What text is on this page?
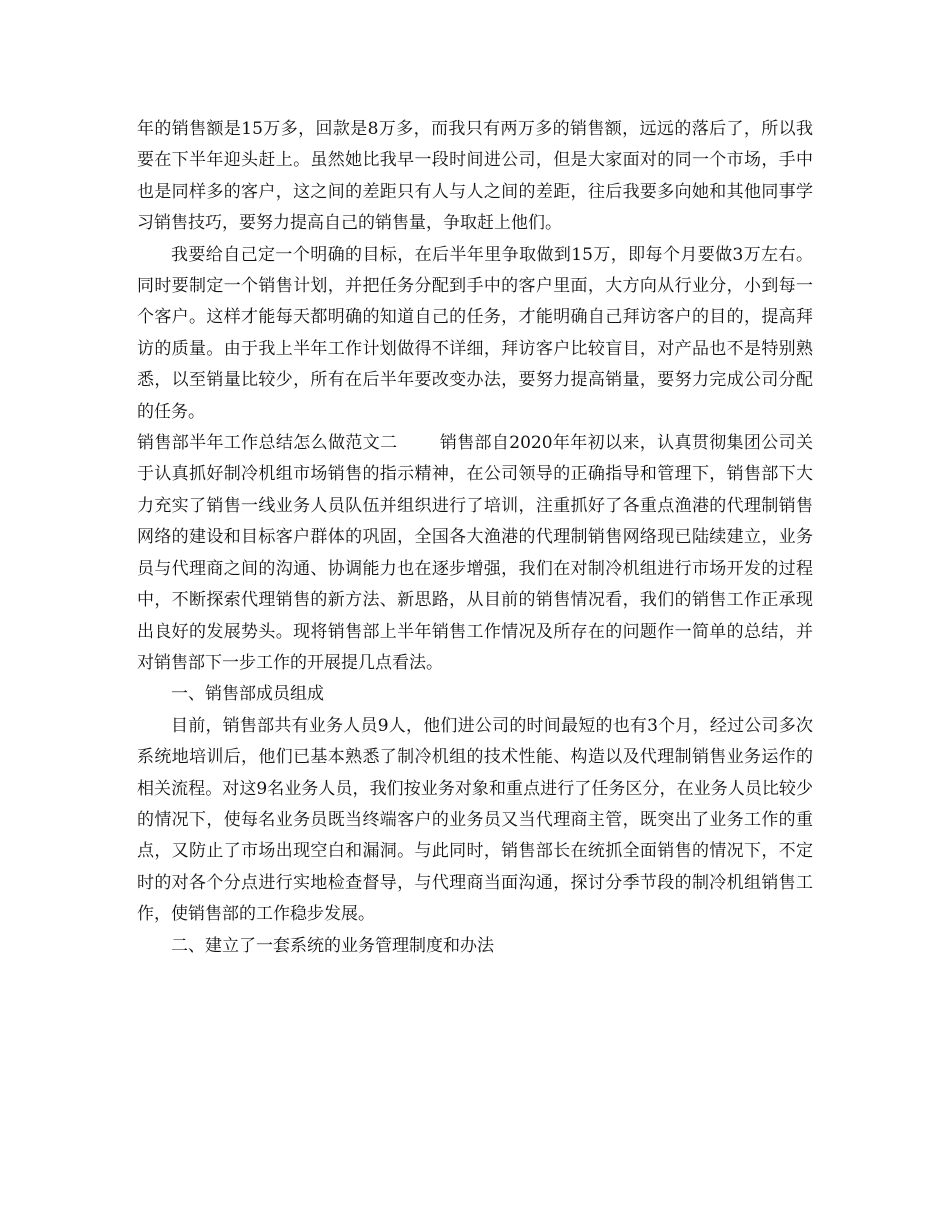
年的销售额是15万多，回款是8万多，而我只有两万多的销售额，远远的落后了，所以我要在下半年迎头赶上。虽然她比我早一段时间进公司，但是大家面对的同一个市场，手中也是同样多的客户，这之间的差距只有人与人之间的差距，往后我要多向她和其他同事学习销售技巧，要努力提高自己的销售量，争取赶上他们。

我要给自己定一个明确的目标，在后半年里争取做到15万，即每个月要做3万左右。同时要制定一个销售计划，并把任务分配到手中的客户里面，大方向从行业分，小到每一个客户。这样才能每天都明确的知道自己的任务，才能明确自己拜访客户的目的，提高拜访的质量。由于我上半年工作计划做得不详细，拜访客户比较盲目，对产品也不是特别熟悉，以至销量比较少，所有在后半年要改变办法，要努力提高销量，要努力完成公司分配的任务。

销售部半年工作总结怎么做范文二 销售部自2020年年初以来，认真贯彻集团公司关于认真抓好制冷机组市场销售的指示精神，在公司领导的正确指导和管理下，销售部下大力充实了销售一线业务人员队伍并组织进行了培训，注重抓好了各重点渔港的代理制销售网络的建设和目标客户群体的巩固，全国各大渔港的代理制销售网络现已陆续建立，业务员与代理商之间的沟通、协调能力也在逐步增强，我们在对制冷机组进行市场开发的过程中，不断探索代理销售的新方法、新思路，从目前的销售情况看，我们的销售工作正承现出良好的发展势头。现将销售部上半年销售工作情况及所存在的问题作一简单的总结，并对销售部下一步工作的开展提几点看法。

一、销售部成员组成

目前，销售部共有业务人员9人，他们进公司的时间最短的也有3个月，经过公司多次系统地培训后，他们已基本熟悉了制冷机组的技术性能、构造以及代理制销售业务运作的相关流程。对这9名业务人员，我们按业务对象和重点进行了任务区分，在业务人员比较少的情况下，使每名业务员既当终端客户的业务员又当代理商主管，既突出了业务工作的重点，又防止了市场出现空白和漏洞。与此同时，销售部长在统抓全面销售的情况下，不定时的对各个分点进行实地检查督导，与代理商当面沟通，探讨分季节段的制冷机组销售工作，使销售部的工作稳步发展。

二、建立了一套系统的业务管理制度和办法
